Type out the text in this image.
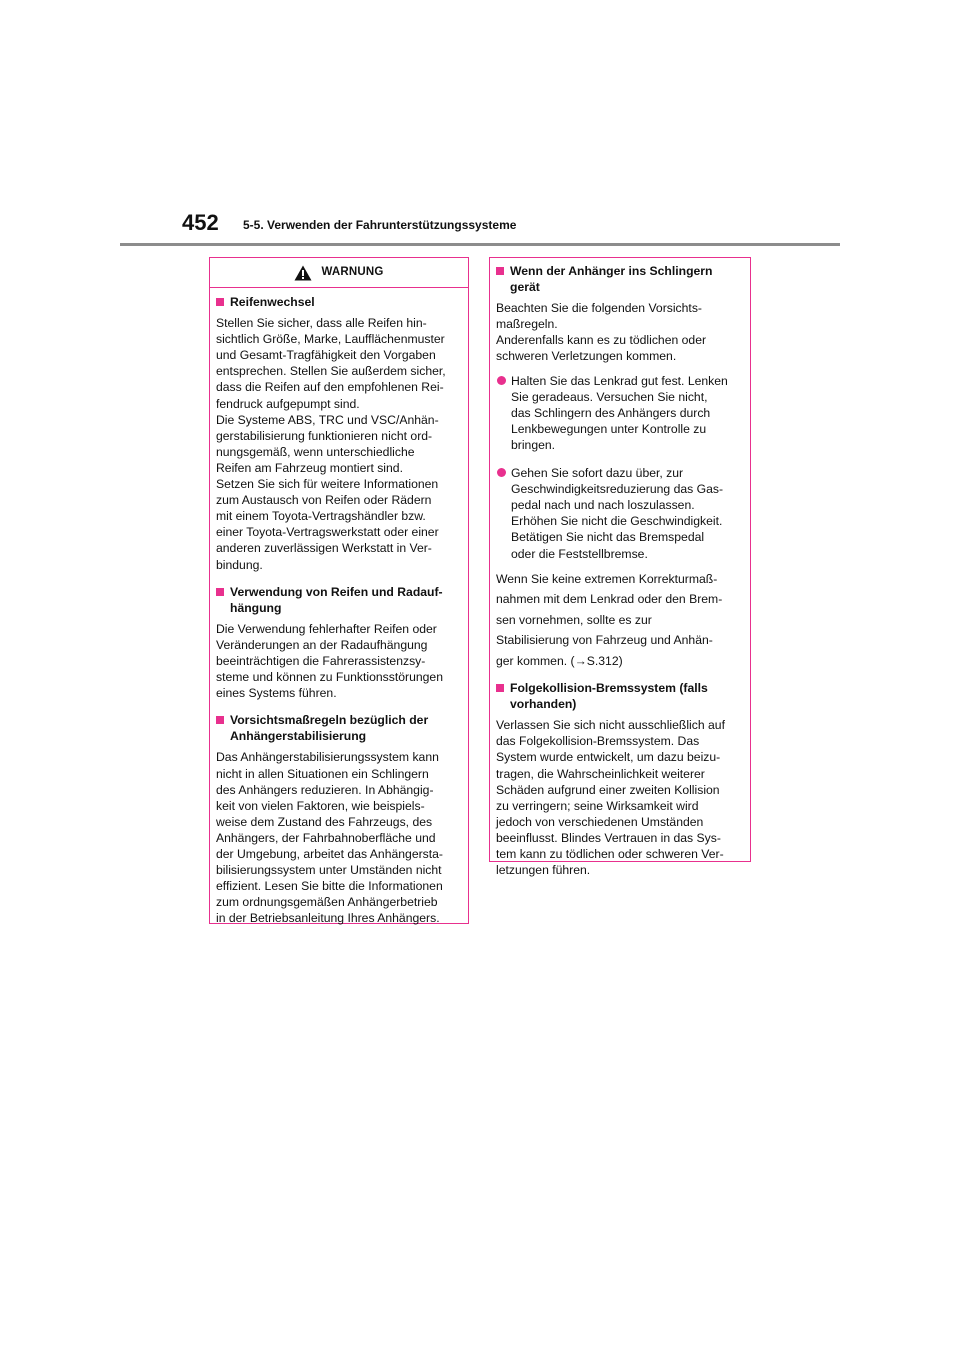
452 5-5. Verwenden der Fahrunterstützungssysteme
WARNUNG
Reifenwechsel
Stellen Sie sicher, dass alle Reifen hin-
sichtlich Größe, Marke, Laufflächenmuster
und Gesamt-Tragfähigkeit den Vorgaben
entsprechen. Stellen Sie außerdem sicher,
dass die Reifen auf den empfohlenen Rei-
fendruck aufgepumpt sind.
Die Systeme ABS, TRC und VSC/Anhän-
gerstabilisierung funktionieren nicht ord-
nungsgemäß, wenn unterschiedliche
Reifen am Fahrzeug montiert sind.
Setzen Sie sich für weitere Informationen
zum Austausch von Reifen oder Rädern
mit einem Toyota-Vertragshändler bzw.
einer Toyota-Vertragswerkstatt oder einer
anderen zuverlässigen Werkstatt in Ver-
bindung.
Verwendung von Reifen und Radauf-
hängung
Die Verwendung fehlerhafter Reifen oder
Veränderungen an der Radaufhängung
beeinträchtigen die Fahrerassistenzsy-
steme und können zu Funktionsstörungen
eines Systems führen.
Vorsichtsmaßregeln bezüglich der
Anhängerstabilisierung
Das Anhängerstabilisierungssystem kann
nicht in allen Situationen ein Schlingern
des Anhängers reduzieren. In Abhängig-
keit von vielen Faktoren, wie beispiels-
weise dem Zustand des Fahrzeugs, des
Anhängers, der Fahrbahnoberfläche und
der Umgebung, arbeitet das Anhängersta-
bilisierungssystem unter Umständen nicht
effizient. Lesen Sie bitte die Informationen
zum ordnungsgemäßen Anhängerbetrieb
in der Betriebsanleitung Ihres Anhängers.
Wenn der Anhänger ins Schlingern
gerät
Beachten Sie die folgenden Vorsichts-
maßregeln.
Anderenfalls kann es zu tödlichen oder
schweren Verletzungen kommen.
Halten Sie das Lenkrad gut fest. Lenken
Sie geradeaus. Versuchen Sie nicht,
das Schlingern des Anhängers durch
Lenkbewegungen unter Kontrolle zu
bringen.
Gehen Sie sofort dazu über, zur
Geschwindigkeitsreduzierung das Gas-
pedal nach und nach loszulassen.
Erhöhen Sie nicht die Geschwindigkeit.
Betätigen Sie nicht das Bremspedal
oder die Feststellbremse.

Wenn Sie keine extremen Korrekturmaß-

nahmen mit dem Lenkrad oder den Brem-

sen vornehmen, sollte es zur

Stabilisierung von Fahrzeug und Anhän-

ger kommen. (→S.312)

Folgekollision-Bremssystem (falls
vorhanden)
Verlassen Sie sich nicht ausschließlich auf
das Folgekollision-Bremssystem. Das
System wurde entwickelt, um dazu beizu-
tragen, die Wahrscheinlichkeit weiterer
Schäden aufgrund einer zweiten Kollision
zu verringern; seine Wirksamkeit wird
jedoch von verschiedenen Umständen
beeinflusst. Blindes Vertrauen in das Sys-
tem kann zu tödlichen oder schweren Ver-
letzungen führen.
